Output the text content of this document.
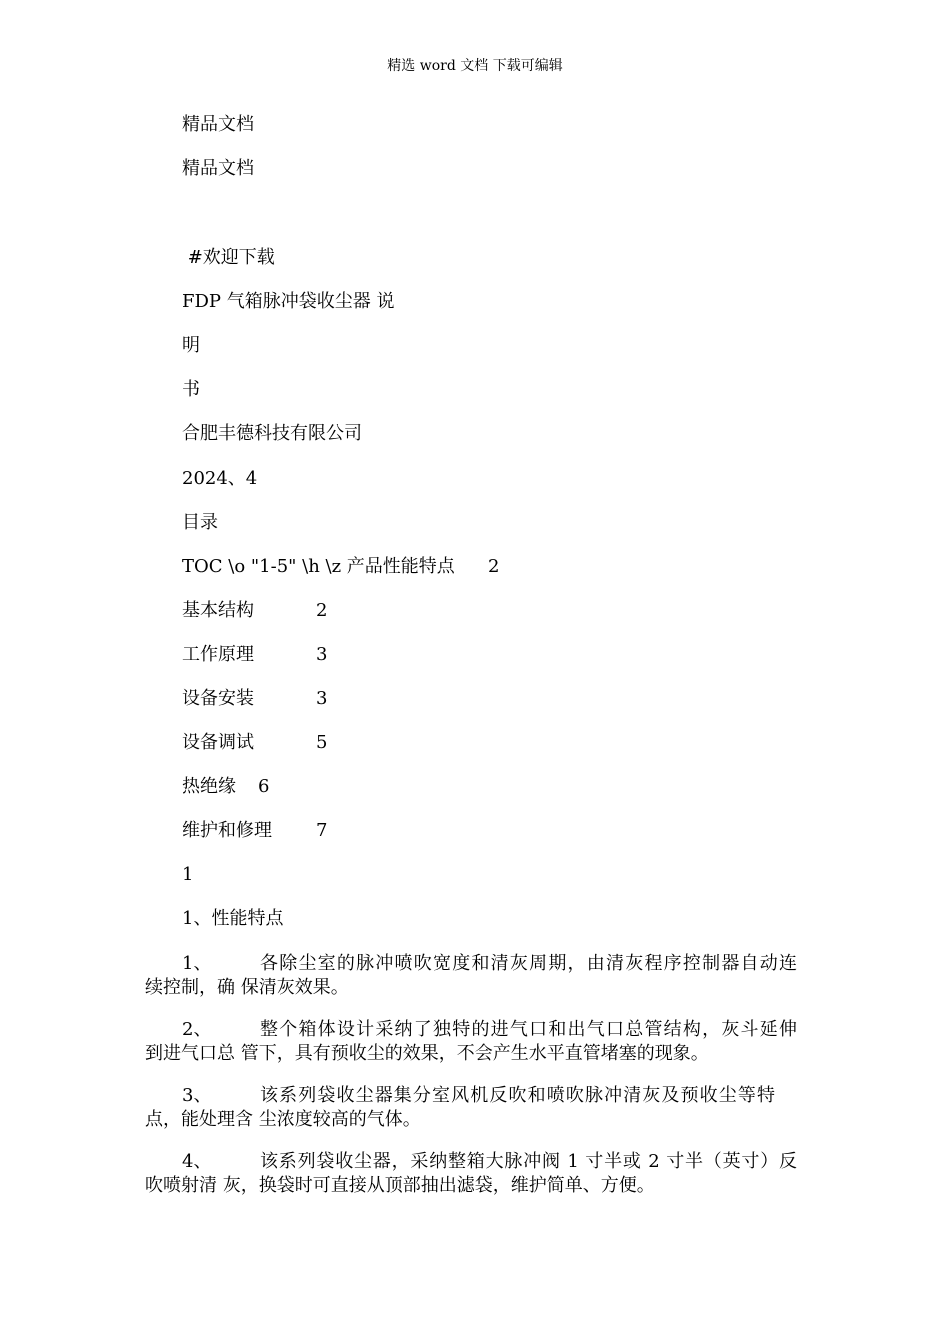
精选 word 文档 下载可编辑
精品文档
精品文档
#欢迎下载
FDP 气箱脉冲袋收尘器 说
明
书
合肥丰德科技有限公司
2024、4
目录
TOC \o "1-5" \h \z 产品性能特点 2
基本结构	2
工作原理	3
设备安装	3
设备调试	5
热绝缘 6
维护和修理 7
1
1、性能特点
1、	各除尘室的脉冲喷吹宽度和清灰周期，由清灰程序控制器自动连
续控制，确 保清灰效果。
2、	整个箱体设计采纳了独特的进气口和出气口总管结构，灰斗延伸
到进气口总 管下，具有预收尘的效果，不会产生水平直管堵塞的现象。
3、	该系列袋收尘器集分室风机反吹和喷吹脉冲清灰及预收尘等特
点，能处理含 尘浓度较高的气体。
4、	该系列袋收尘器，采纳整箱大脉冲阀 1 寸半或 2 寸半（英寸）反
吹喷射清 灰，换袋时可直接从顶部抽出滤袋，维护简单、方便。
